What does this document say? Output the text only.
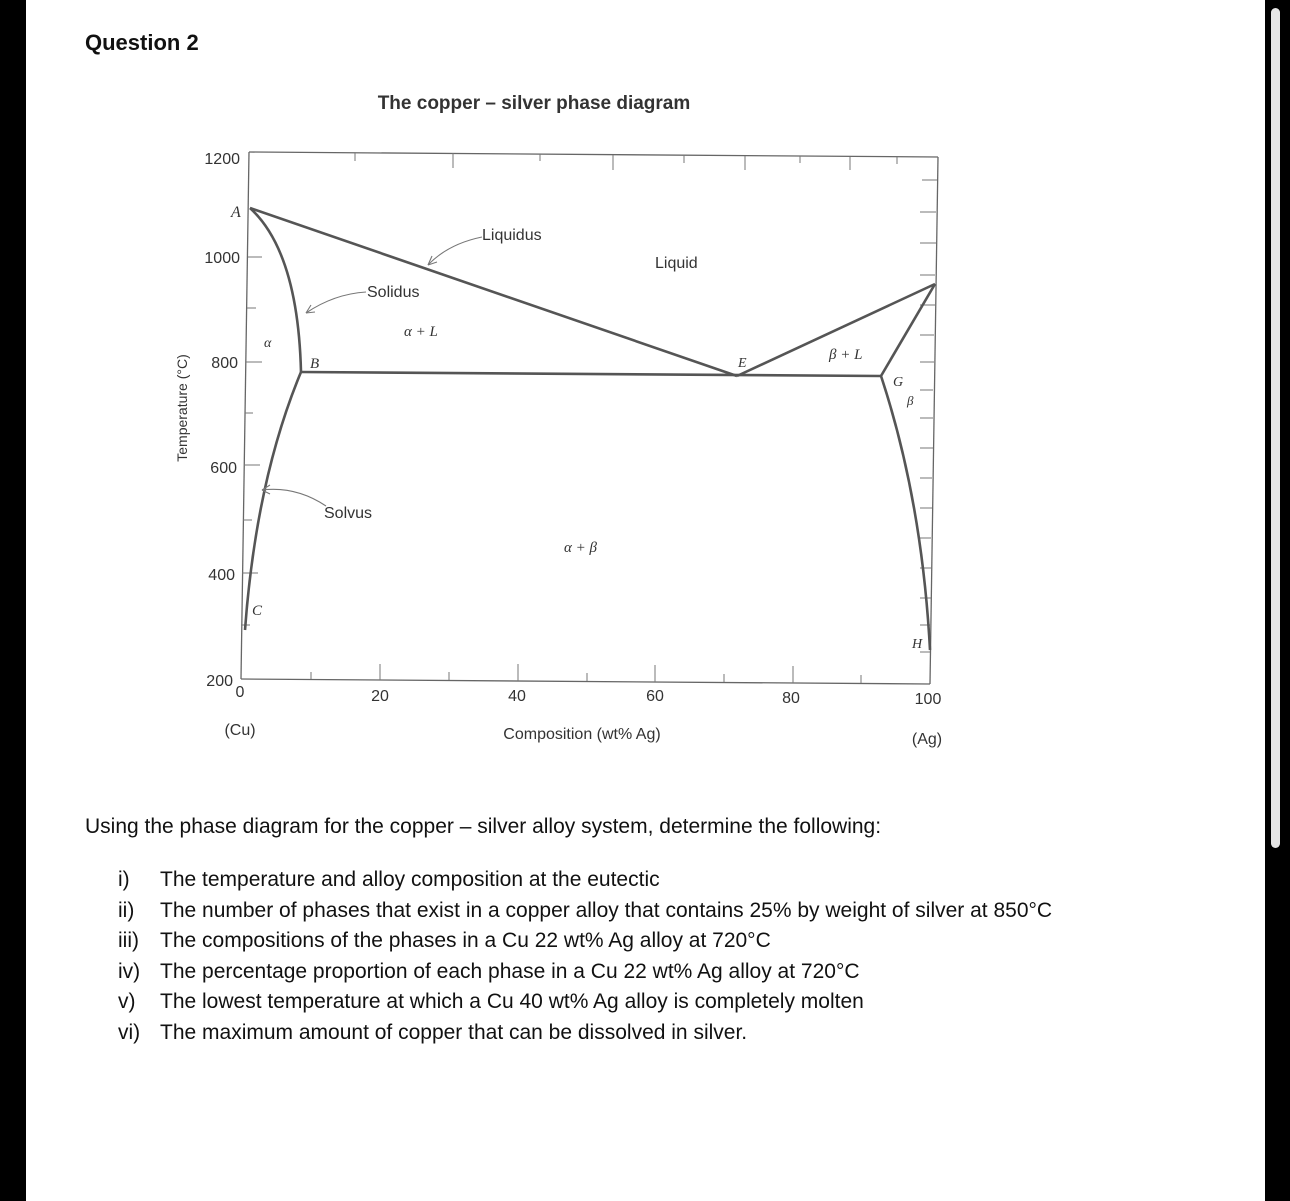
Question 2
The copper – silver phase diagram
Temperature (°C)
1200
1000
800
600
400
200
0	20	40	60	80	100
Composition (wt% Ag)
(Cu)
(Ag)
Liquidus
Solidus
Solvus
Liquid
α + L
β + L
α
β
α + β
A
B
C
E
G
H
Using the phase diagram for the copper – silver alloy system, determine the following:
i)	The temperature and alloy composition at the eutectic
ii)	The number of phases that exist in a copper alloy that contains 25% by weight of silver at 850°C
iii)	The compositions of the phases in a Cu 22 wt% Ag alloy at 720°C
iv) The percentage proportion of each phase in a Cu 22 wt% Ag alloy at 720°C
v)	The lowest temperature at which a Cu 40 wt% Ag alloy is completely molten
vi) The maximum amount of copper that can be dissolved in silver.
